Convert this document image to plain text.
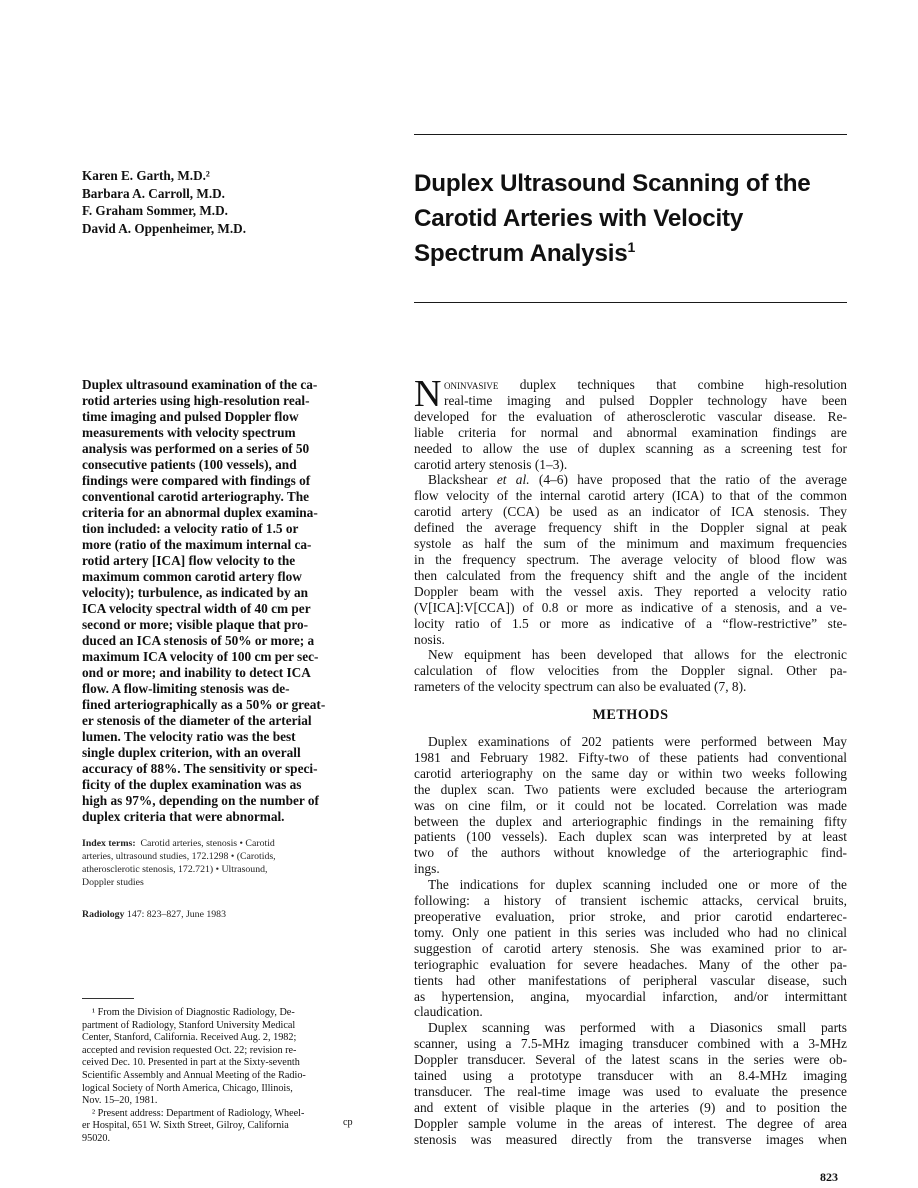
Karen E. Garth, M.D.²
Barbara A. Carroll, M.D.
F. Graham Sommer, M.D.
David A. Oppenheimer, M.D.
Duplex Ultrasound Scanning of the
Carotid Arteries with Velocity
Spectrum Analysis$^1$
Duplex ultrasound examination of the ca-
rotid arteries using high-resolution real-
time imaging and pulsed Doppler flow
measurements with velocity spectrum
analysis was performed on a series of 50
consecutive patients (100 vessels), and
findings were compared with findings of
conventional carotid arteriography. The
criteria for an abnormal duplex examina-
tion included: a velocity ratio of 1.5 or
more (ratio of the maximum internal ca-
rotid artery [ICA] flow velocity to the
maximum common carotid artery flow
velocity); turbulence, as indicated by an
ICA velocity spectral width of 40 cm per
second or more; visible plaque that pro-
duced an ICA stenosis of 50% or more; a
maximum ICA velocity of 100 cm per sec-
ond or more; and inability to detect ICA
flow. A flow-limiting stenosis was de-
fined arteriographically as a 50% or great-
er stenosis of the diameter of the arterial
lumen. The velocity ratio was the best
single duplex criterion, with an overall
accuracy of 88%. The sensitivity or speci-
ficity of the duplex examination was as
high as 97%, depending on the number of
duplex criteria that were abnormal.
Index terms: Carotid arteries, stenosis • Carotid
arteries, ultrasound studies, 172.1298 • (Carotids,
atherosclerotic stenosis, 172.721) • Ultrasound,
Doppler studies
Radiology 147: 823–827, June 1983
¹ From the Division of Diagnostic Radiology, De-
partment of Radiology, Stanford University Medical
Center, Stanford, California. Received Aug. 2, 1982;
accepted and revision requested Oct. 22; revision re-
ceived Dec. 10. Presented in part at the Sixty-seventh
Scientific Assembly and Annual Meeting of the Radio-
logical Society of North America, Chicago, Illinois,
Nov. 15–20, 1981.
² Present address: Department of Radiology, Wheel-
er Hospital, 651 W. Sixth Street, Gilroy, California
95020.
cp
N oninvasive duplex techniques that combine high-resolution
real-time imaging and pulsed Doppler technology have been
developed for the evaluation of atherosclerotic vascular disease. Re-
liable criteria for normal and abnormal examination findings are
needed to allow the use of duplex scanning as a screening test for
carotid artery stenosis (1–3).
Blackshear et al. (4–6) have proposed that the ratio of the average
flow velocity of the internal carotid artery (ICA) to that of the common
carotid artery (CCA) be used as an indicator of ICA stenosis. They
defined the average frequency shift in the Doppler signal at peak
systole as half the sum of the minimum and maximum frequencies
in the frequency spectrum. The average velocity of blood flow was
then calculated from the frequency shift and the angle of the incident
Doppler beam with the vessel axis. They reported a velocity ratio
(V[ICA]:V[CCA]) of 0.8 or more as indicative of a stenosis, and a ve-
locity ratio of 1.5 or more as indicative of a “flow-restrictive” ste-
nosis.
New equipment has been developed that allows for the electronic
calculation of flow velocities from the Doppler signal. Other pa-
rameters of the velocity spectrum can also be evaluated (7, 8).
METHODS
Duplex examinations of 202 patients were performed between May
1981 and February 1982. Fifty-two of these patients had conventional
carotid arteriography on the same day or within two weeks following
the duplex scan. Two patients were excluded because the arteriogram
was on cine film, or it could not be located. Correlation was made
between the duplex and arteriographic findings in the remaining fifty
patients (100 vessels). Each duplex scan was interpreted by at least
two of the authors without knowledge of the arteriographic find-
ings.
The indications for duplex scanning included one or more of the
following: a history of transient ischemic attacks, cervical bruits,
preoperative evaluation, prior stroke, and prior carotid endarterec-
tomy. Only one patient in this series was included who had no clinical
suggestion of carotid artery stenosis. She was examined prior to ar-
teriographic evaluation for severe headaches. Many of the other pa-
tients had other manifestations of peripheral vascular disease, such
as hypertension, angina, myocardial infarction, and/or intermittant
claudication.
Duplex scanning was performed with a Diasonics small parts
scanner, using a 7.5-MHz imaging transducer combined with a 3-MHz
Doppler transducer. Several of the latest scans in the series were ob-
tained using a prototype transducer with an 8.4-MHz imaging
transducer. The real-time image was used to evaluate the presence
and extent of visible plaque in the arteries (9) and to position the
Doppler sample volume in the areas of interest. The degree of area
stenosis was measured directly from the transverse images when
823
